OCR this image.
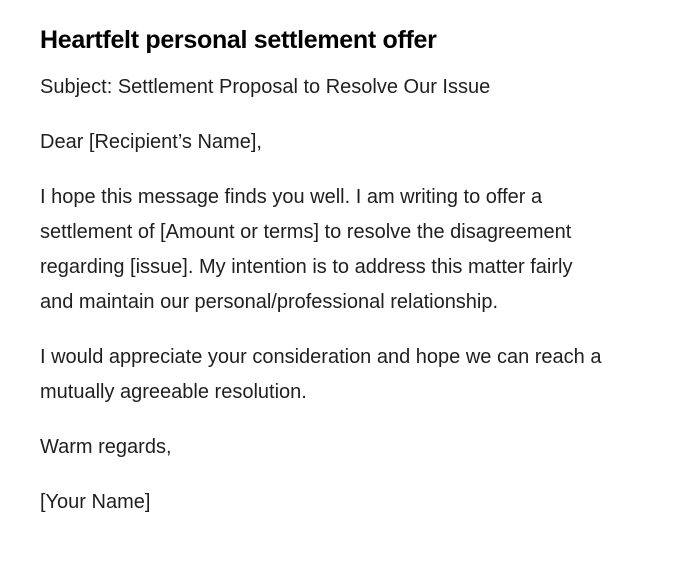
Heartfelt personal settlement offer
Subject: Settlement Proposal to Resolve Our Issue
Dear [Recipient’s Name],
I hope this message finds you well. I am writing to offer a
settlement of [Amount or terms] to resolve the disagreement
regarding [issue]. My intention is to address this matter fairly
and maintain our personal/professional relationship.
I would appreciate your consideration and hope we can reach a
mutually agreeable resolution.
Warm regards,
[Your Name]
